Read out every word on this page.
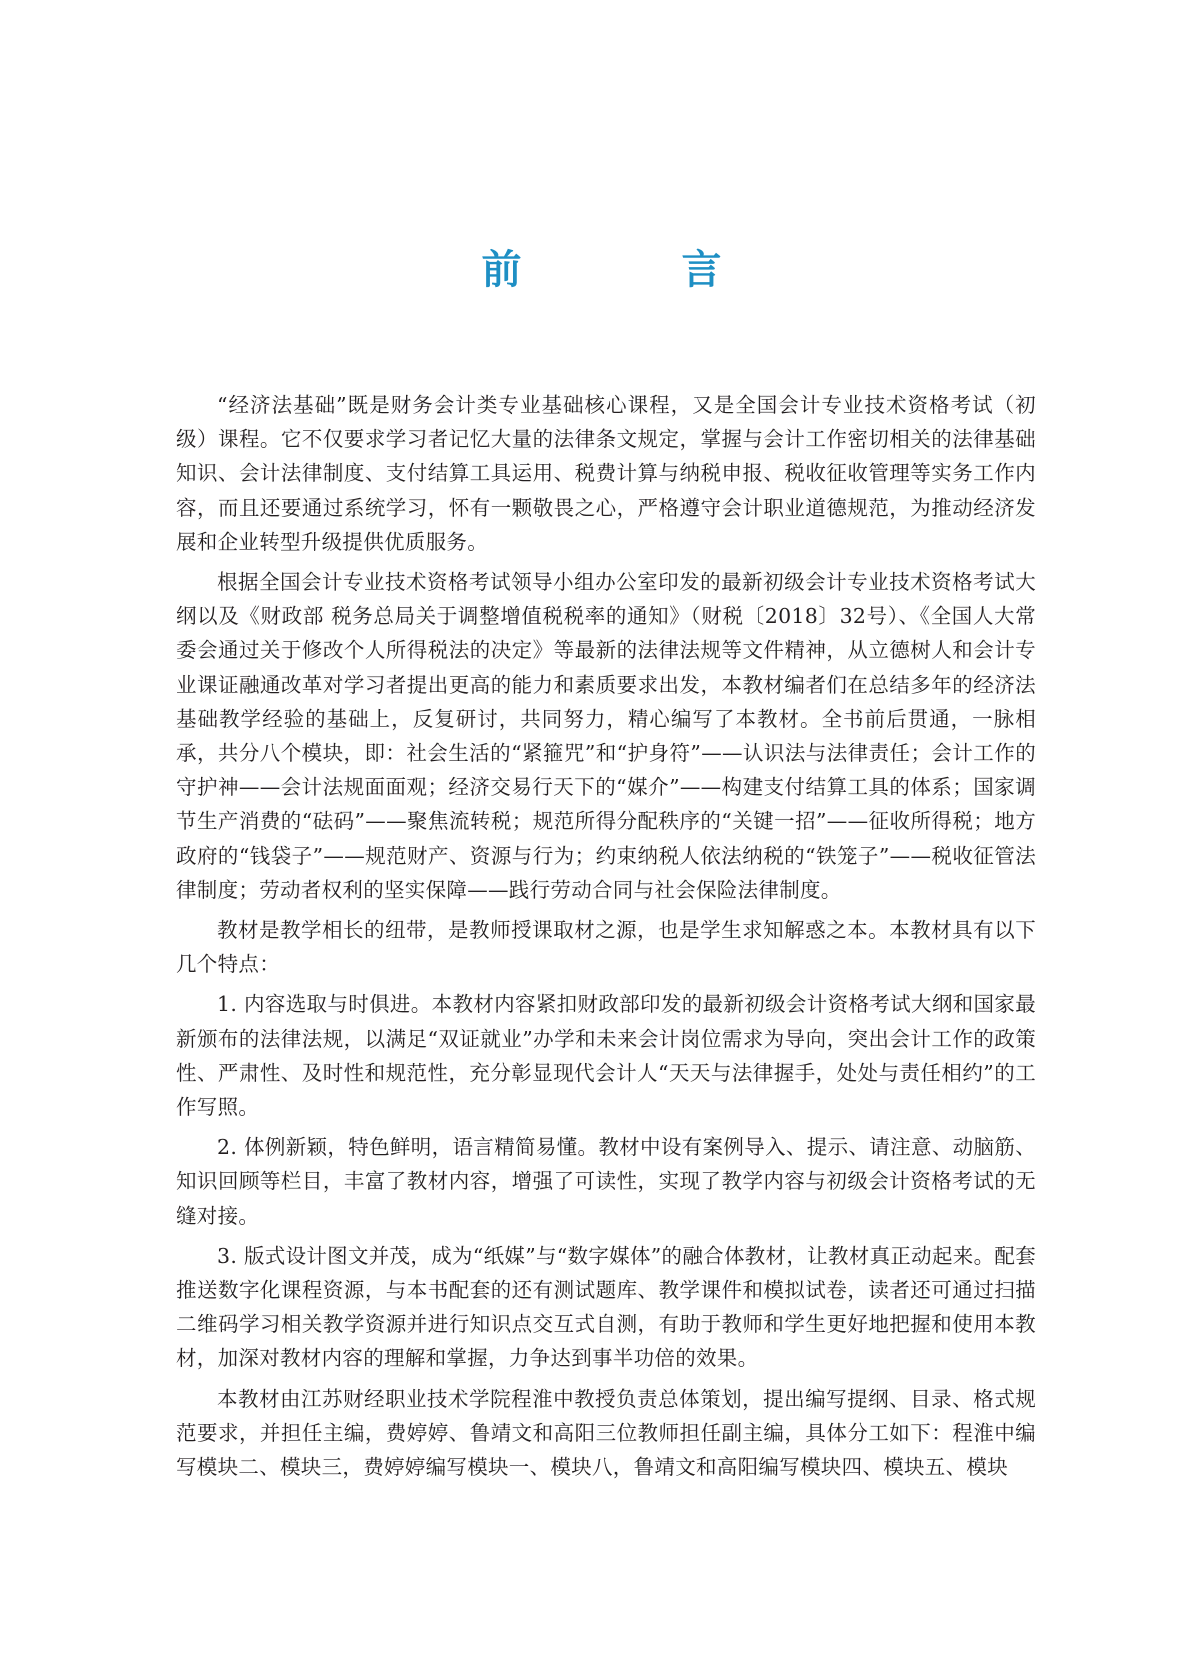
前　言

“经济法基础”既是财务会计类专业基础核心课程，又是全国会计专业技术资格考试（初级）课程。它不仅要求学习者记忆大量的法律条文规定，掌握与会计工作密切相关的法律基础知识、会计法律制度、支付结算工具运用、税费计算与纳税申报、税收征收管理等实务工作内容，而且还要通过系统学习，怀有一颗敬畏之心，严格遵守会计职业道德规范，为推动经济发展和企业转型升级提供优质服务。

根据全国会计专业技术资格考试领导小组办公室印发的最新初级会计专业技术资格考试大纲以及《财政部 税务总局关于调整增值税税率的通知》（财税〔2018〕32号）、《全国人大常委会通过关于修改个人所得税法的决定》等最新的法律法规等文件精神，从立德树人和会计专业课证融通改革对学习者提出更高的能力和素质要求出发，本教材编者们在总结多年的经济法基础教学经验的基础上，反复研讨，共同努力，精心编写了本教材。全书前后贯通，一脉相承，共分八个模块，即：社会生活的“紧箍咒”和“护身符”——认识法与法律责任；会计工作的守护神——会计法规面面观；经济交易行天下的“媒介”——构建支付结算工具的体系；国家调节生产消费的“砝码”——聚焦流转税；规范所得分配秩序的“关键一招”——征收所得税；地方政府的“钱袋子”——规范财产、资源与行为；约束纳税人依法纳税的“铁笼子”——税收征管法律制度；劳动者权利的坚实保障——践行劳动合同与社会保险法律制度。

教材是教学相长的纽带，是教师授课取材之源，也是学生求知解惑之本。本教材具有以下几个特点：

1. 内容选取与时俱进。本教材内容紧扣财政部印发的最新初级会计资格考试大纲和国家最新颁布的法律法规，以满足“双证就业”办学和未来会计岗位需求为导向，突出会计工作的政策性、严肃性、及时性和规范性，充分彰显现代会计人“天天与法律握手，处处与责任相约”的工作写照。

2. 体例新颖，特色鲜明，语言精简易懂。教材中设有案例导入、提示、请注意、动脑筋、知识回顾等栏目，丰富了教材内容，增强了可读性，实现了教学内容与初级会计资格考试的无缝对接。

3. 版式设计图文并茂，成为“纸媒”与“数字媒体”的融合体教材，让教材真正动起来。配套推送数字化课程资源，与本书配套的还有测试题库、教学课件和模拟试卷，读者还可通过扫描二维码学习相关教学资源并进行知识点交互式自测，有助于教师和学生更好地把握和使用本教材，加深对教材内容的理解和掌握，力争达到事半功倍的效果。

本教材由江苏财经职业技术学院程淮中教授负责总体策划，提出编写提纲、目录、格式规范要求，并担任主编，费婷婷、鲁靖文和高阳三位教师担任副主编，具体分工如下：程淮中编写模块二、模块三，费婷婷编写模块一、模块八，鲁靖文和高阳编写模块四、模块五、模块
